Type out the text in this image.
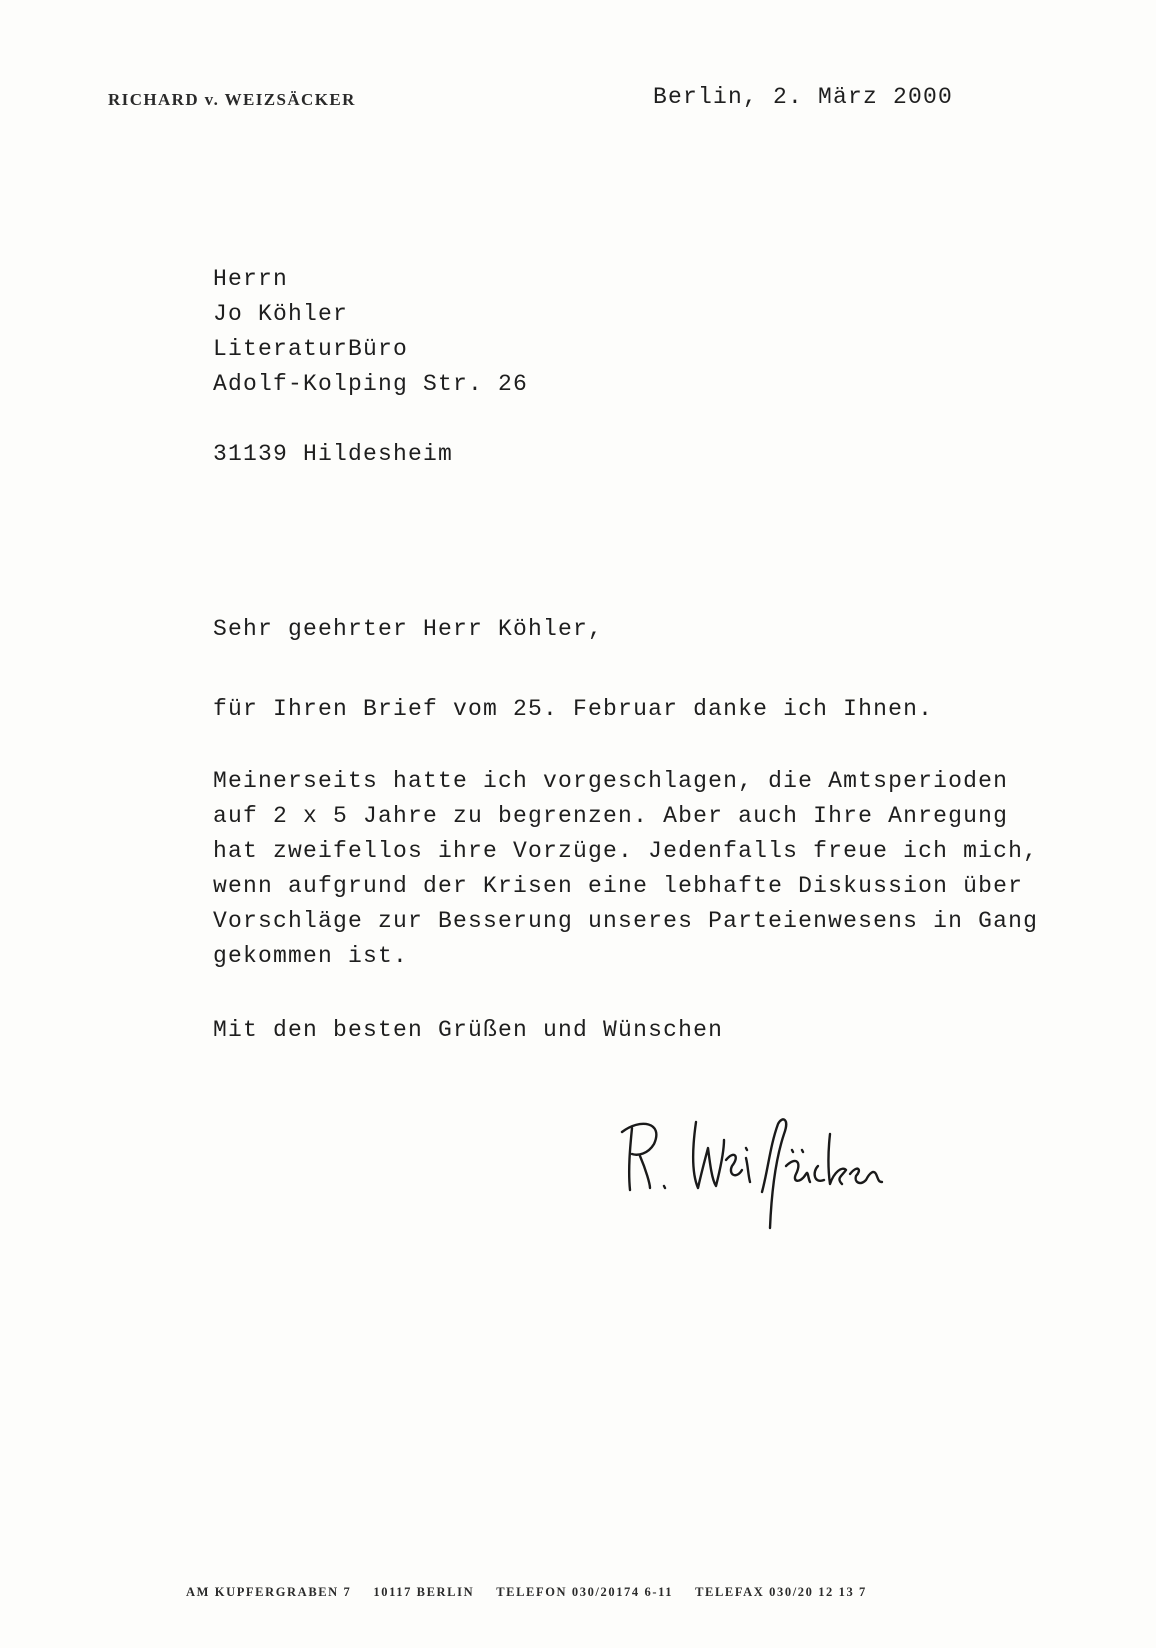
RICHARD v. WEIZSÄCKER	Berlin, 2. März 2000

Herrn

Jo Köhler

LiteraturBüro

Adolf-Kolping Str. 26

31139 Hildesheim

Sehr geehrter Herr Köhler,
für Ihren Brief vom 25. Februar danke ich Ihnen.

Meinerseits hatte ich vorgeschlagen, die Amtsperioden

auf 2 x 5 Jahre zu begrenzen. Aber auch Ihre Anregung

hat zweifellos ihre Vorzüge. Jedenfalls freue ich mich,

wenn aufgrund der Krisen eine lebhafte Diskussion über

Vorschläge zur Besserung unseres Parteienwesens in Gang

gekommen ist.

Mit den besten Grüßen und Wünschen
AM KUPFERGRABEN 7 10117 BERLIN TELEFON 030/20174 6-11 TELEFAX 030/20 12 13 7
